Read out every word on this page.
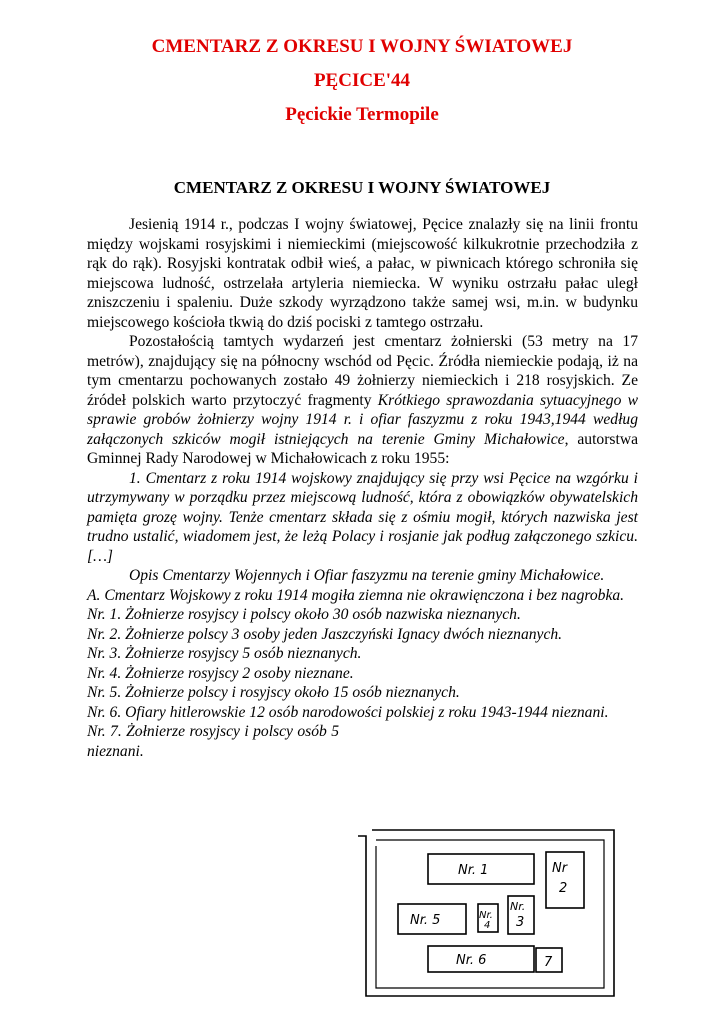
CMENTARZ Z OKRESU I WOJNY ŚWIATOWEJ
PĘCICE'44
Pęcickie Termopile
CMENTARZ Z OKRESU I WOJNY ŚWIATOWEJ

Jesienią 1914 r., podczas I wojny światowej, Pęcice znalazły się na linii frontu między wojskami rosyjskimi i niemieckimi (miejscowość kilkukrotnie przechodziła z rąk do rąk). Rosyjski kontratak odbił wieś, a pałac, w piwnicach którego schroniła się miejscowa ludność, ostrzelała artyleria niemiecka. W wyniku ostrzału pałac uległ zniszczeniu i spaleniu. Duże szkody wyrządzono także samej wsi, m.in. w budynku miejscowego kościoła tkwią do dziś pociski z tamtego ostrzału.

Pozostałością tamtych wydarzeń jest cmentarz żołnierski (53 metry na 17 metrów), znajdujący się na północny wschód od Pęcic. Źródła niemieckie podają, iż na tym cmentarzu pochowanych zostało 49 żołnierzy niemieckich i 218 rosyjskich. Ze źródeł polskich warto przytoczyć fragmenty Krótkiego sprawozdania sytuacyjnego w sprawie grobów żołnierzy wojny 1914 r. i ofiar faszyzmu z roku 1943,1944 według załączonych szkiców mogił istniejących na terenie Gminy Michałowice, autorstwa Gminnej Rady Narodowej w Michałowicach z roku 1955:

1. Cmentarz z roku 1914 wojskowy znajdujący się przy wsi Pęcice na wzgórku i utrzymywany w porządku przez miejscową ludność, która z obowiązków obywatelskich pamięta grozę wojny. Tenże cmentarz składa się z ośmiu mogił, których nazwiska jest trudno ustalić, wiadomem jest, że leżą Polacy i rosjanie jak podług załączonego szkicu. […]

Opis Cmentarzy Wojennych i Ofiar faszyzmu na terenie gminy Michałowice.

A. Cmentarz Wojskowy z roku 1914 mogiła ziemna nie okrawięnczona i bez nagrobka.

Nr. 1. Żołnierze rosyjscy i polscy około 30 osób nazwiska nieznanych.

Nr. 2. Żołnierze polscy 3 osoby jeden Jaszczyński Ignacy dwóch nieznanych.

Nr. 3. Żołnierze rosyjscy 5 osób nieznanych.

Nr. 4. Żołnierze rosyjscy 2 osoby nieznane.

Nr. 5. Żołnierze polscy i rosyjscy około 15 osób nieznanych.

Nr. 6. Ofiary hitlerowskie 12 osób narodowości polskiej z roku 1943-1944 nieznani.

Nr. 7. Żołnierze rosyjscy i polscy osób 5 nieznani.

Nr. 1	Nr
2
Nr.
3
Nr.
4
Nr. 5
Nr. 6	7
